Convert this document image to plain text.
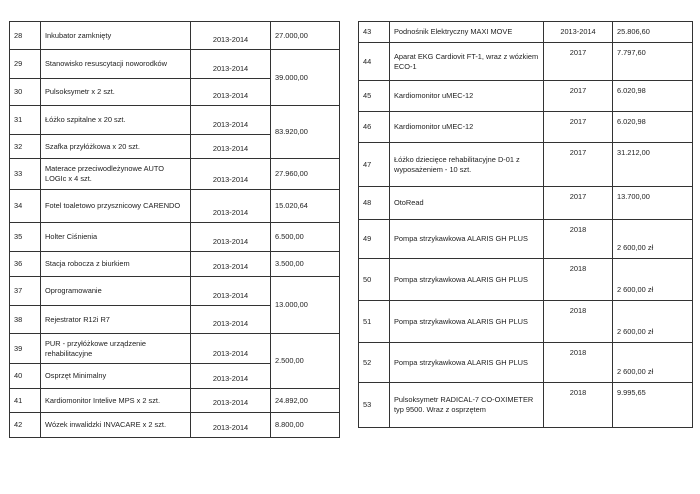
28	Inkubator zamknięty	2013-2014	27.000,00
29	Stanowisko resuscytacji noworodków	2013-2014	39.000,00
30	Pulsoksymetr x 2 szt.	2013-2014	
31	Łóżko szpitalne x 20 szt.	2013-2014	83.920,00
32	Szafka przyłóżkowa x 20 szt.	2013-2014	
33	Materace przeciwodleżynowe AUTO LOGIc x 4 szt.	2013-2014	27.960,00
34	Fotel toaletowo przysznicowy CARENDO	2013-2014	15.020,64
35	Holter Ciśnienia	2013-2014	6.500,00
36	Stacja robocza z biurkiem	2013-2014	3.500,00
37	Oprogramowanie	2013-2014	13.000,00
38	Rejestrator R12i R7	2013-2014	
39	PUR - przyłóżkowe urządzenie rehabilitacyjne	2013-2014	2.500,00
40	Osprzęt Minimalny	2013-2014	
41	Kardiomonitor Intelive MPS x 2 szt.	2013-2014	24.892,00
42	Wózek inwalidzki INVACARE x 2 szt.	2013-2014	8.800,00
43	Podnośnik Elektryczny MAXI MOVE	2013-2014	25.806,60
44	Aparat EKG Cardiovit FT-1, wraz z wózkiem ECO-1	2017	7.797,60
45	Kardiomonitor uMEC-12	2017	6.020,98
46	Kardiomonitor uMEC-12	2017	6.020,98
47	Łóżko dziecięce rehabilitacyjne D-01 z wyposażeniem - 10 szt.	2017	31.212,00
48	OtoRead	2017	13.700,00
49	Pompa strzykawkowa ALARIS GH PLUS	2018	2 600,00 zł
50	Pompa strzykawkowa ALARIS GH PLUS	2018	2 600,00 zł
51	Pompa strzykawkowa ALARIS GH PLUS	2018	2 600,00 zł
52	Pompa strzykawkowa ALARIS GH PLUS	2018	2 600,00 zł
53	Pulsoksymetr RADICAL-7 CO-OXIMETER typ 9500. Wraz z osprzętem	2018	9.995,65
